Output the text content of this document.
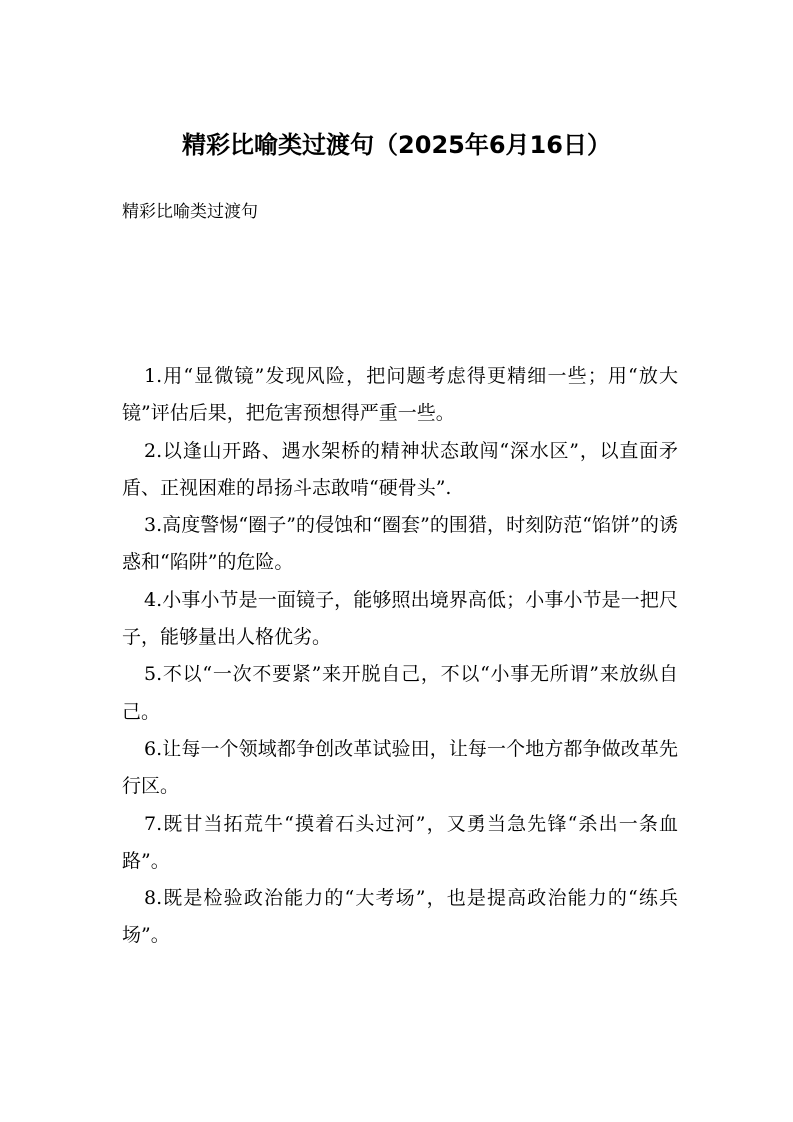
精彩比喻类过渡句（2025年6月16日）

精彩比喻类过渡句

1.用“显微镜”发现风险，把问题考虑得更精细一些；用“放大镜”评估后果，把危害预想得严重一些。

2.以逢山开路、遇水架桥的精神状态敢闯“深水区”，以直面矛盾、正视困难的昂扬斗志敢啃“硬骨头”.

3.高度警惕“圈子”的侵蚀和“圈套”的围猎，时刻防范“馅饼”的诱惑和“陷阱”的危险。

4.小事小节是一面镜子，能够照出境界高低；小事小节是一把尺子，能够量出人格优劣。

5.不以“一次不要紧”来开脱自己，不以“小事无所谓”来放纵自己。

6.让每一个领域都争创改革试验田，让每一个地方都争做改革先行区。

7.既甘当拓荒牛“摸着石头过河”，又勇当急先锋“杀出一条血路”。

8.既是检验政治能力的“大考场”，也是提高政治能力的“练兵场”。
